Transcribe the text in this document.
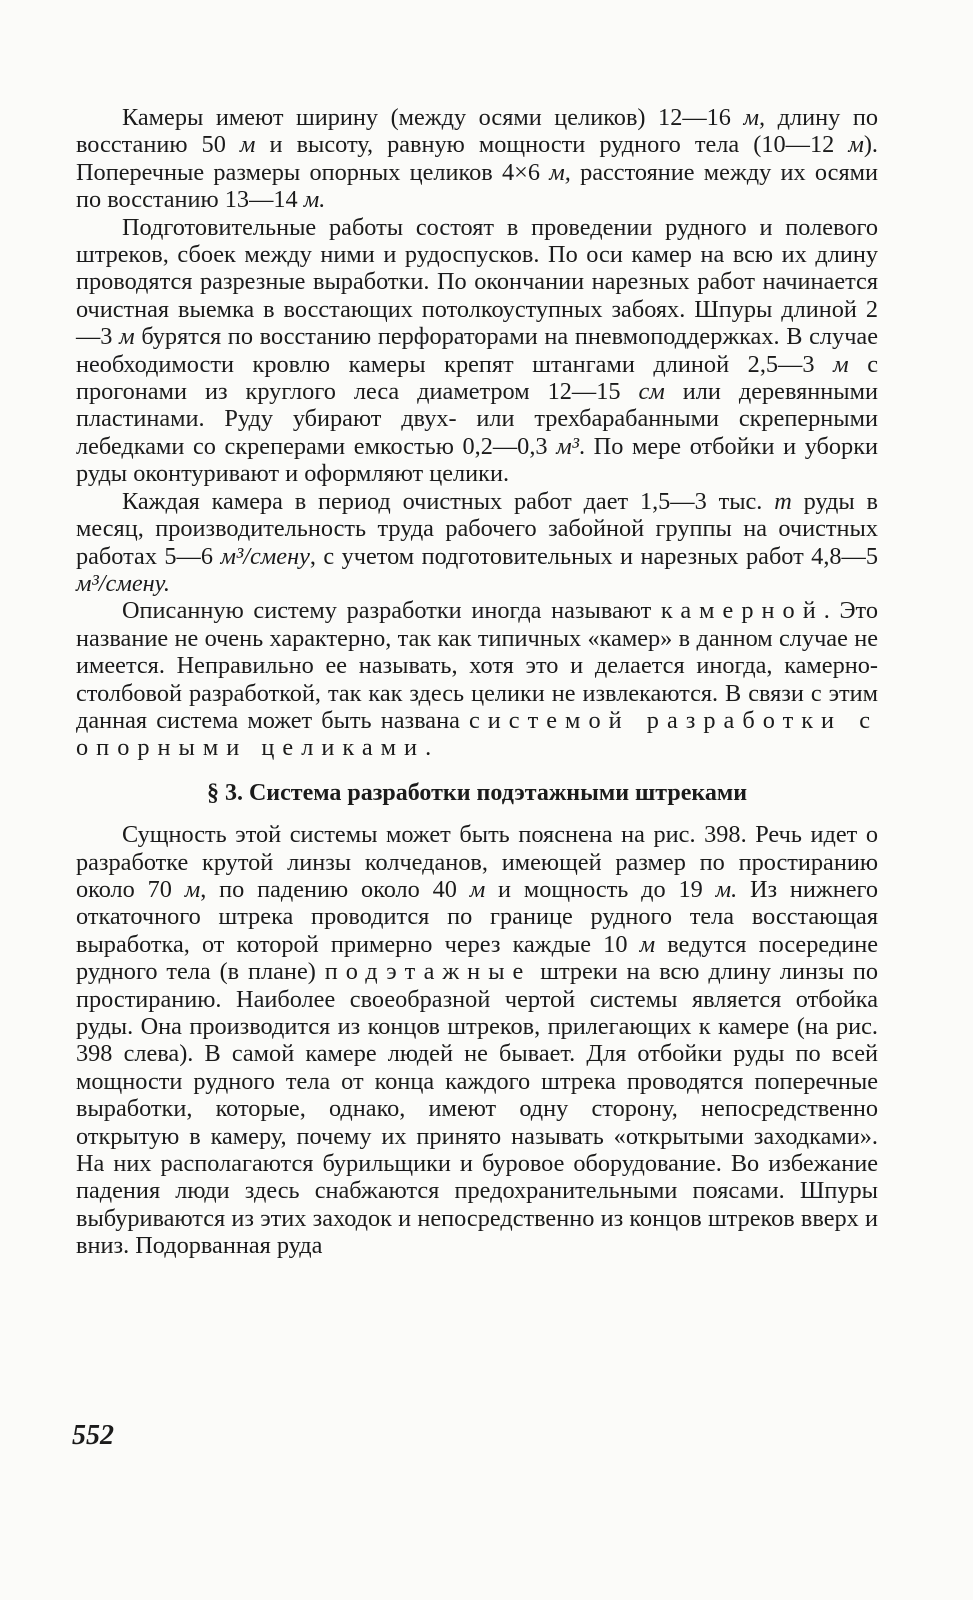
Камеры имеют ширину (между осями целиков) 12—16 м, длину по восстанию 50 м и высоту, равную мощности рудного тела (10—12 м). Поперечные размеры опорных целиков 4×6 м, расстояние между их осями по восстанию 13—14 м.

Подготовительные работы состоят в проведении рудного и полевого штреков, сбоек между ними и рудоспусков. По оси камер на всю их длину проводятся разрезные выработки. По окончании нарезных работ начинается очистная выемка в восстающих потолкоуступных забоях. Шпуры длиной 2—3 м бурятся по восстанию перфораторами на пневмоподдержках. В случае необходимости кровлю камеры крепят штангами длиной 2,5—3 м с прогонами из круглого леса диаметром 12—15 см или деревянными пластинами. Руду убирают двух- или трехбарабанными скреперными лебедками со скреперами емкостью 0,2—0,3 м³. По мере отбойки и уборки руды оконтуривают и оформляют целики.

Каждая камера в период очистных работ дает 1,5—3 тыс. т руды в месяц, производительность труда рабочего забойной группы на очистных работах 5—6 м³/смену, с учетом подготовительных и нарезных работ 4,8—5 м³/смену.

Описанную систему разработки иногда называют камерной. Это название не очень характерно, так как типичных «камер» в данном случае не имеется. Неправильно ее называть, хотя это и делается иногда, камерно-столбовой разработкой, так как здесь целики не извлекаются. В связи с этим данная система может быть названа системой разработки с опорными целиками.

§ 3. Система разработки подэтажными штреками

Сущность этой системы может быть пояснена на рис. 398. Речь идет о разработке крутой линзы колчеданов, имеющей размер по простиранию около 70 м, по падению около 40 м и мощность до 19 м. Из нижнего откаточного штрека проводится по границе рудного тела восстающая выработка, от которой примерно через каждые 10 м ведутся посередине рудного тела (в плане) подэтажные штреки на всю длину линзы по простиранию. Наиболее своеобразной чертой системы является отбойка руды. Она производится из концов штреков, прилегающих к камере (на рис. 398 слева). В самой камере людей не бывает. Для отбойки руды по всей мощности рудного тела от конца каждого штрека проводятся поперечные выработки, которые, однако, имеют одну сторону, непосредственно открытую в камеру, почему их принято называть «открытыми заходками». На них располагаются бурильщики и буровое оборудование. Во избежание падения люди здесь снабжаются предохранительными поясами. Шпуры выбуриваются из этих заходок и непосредственно из концов штреков вверх и вниз. Подорванная руда

552
